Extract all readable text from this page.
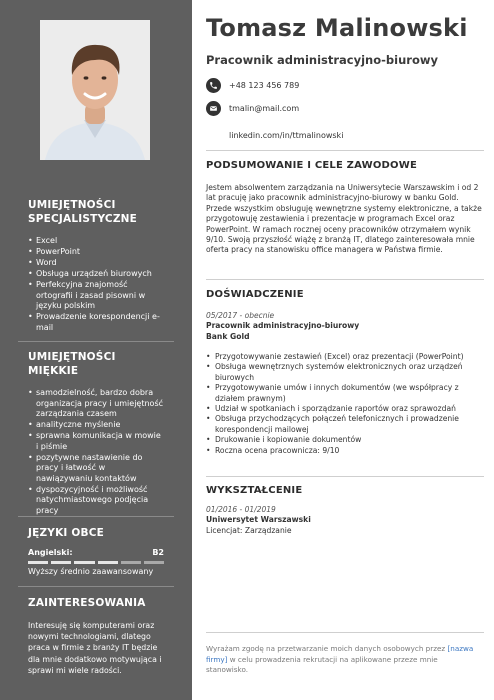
UMIEJĘTNOŚCI
SPECJALISTYCZNE
• Excel
• PowerPoint
• Word
• Obsługa urządzeń biurowych
• Perfekcyjna znajomość ortografii i zasad pisowni w języku polskim
• Prowadzenie korespondencji e-mail
UMIEJĘTNOŚCI MIĘKKIE
• samodzielność, bardzo dobra organizacja pracy i umiejętność zarządzania czasem
• analityczne myślenie
• sprawna komunikacja w mowie i piśmie
• pozytywne nastawienie do pracy i łatwość w nawiązywaniu kontaktów
• dyspozycyjność i możliwość natychmiastowego podjęcia pracy
JĘZYKI OBCE
Angielski:	B2
Wyższy średnio zaawansowany
ZAINTERESOWANIA
Interesuję się komputerami oraz nowymi technologiami, dlatego praca w firmie z branży IT będzie dla mnie dodatkowo motywująca i sprawi mi wiele radości.
Tomasz Malinowski
Pracownik administracyjno-biurowy
+48 123 456 789
tmalin@mail.com
linkedin.com/in/ttmalinowski
PODSUMOWANIE I CELE ZAWODOWE
Jestem absolwentem zarządzania na Uniwersytecie Warszawskim i od 2 lat pracuję jako pracownik administracyjno-biurowy w banku Gold. Przede wszystkim obsługuję wewnętrzne systemy elektroniczne, a także przygotowuję zestawienia i prezentacje w programach Excel oraz PowerPoint. W ramach rocznej oceny pracowników otrzymałem wynik 9/10. Swoją przyszłość wiążę z branżą IT, dlatego zainteresowała mnie oferta pracy na stanowisku office managera w Państwa firmie.
DOŚWIADCZENIE
05/2017 - obecnie
Pracownik administracyjno-biurowy
Bank Gold
• Przygotowywanie zestawień (Excel) oraz prezentacji (PowerPoint)
• Obsługa wewnętrznych systemów elektronicznych oraz urządzeń biurowych
• Przygotowywanie umów i innych dokumentów (we współpracy z działem prawnym)
• Udział w spotkaniach i sporządzanie raportów oraz sprawozdań
• Obsługa przychodzących połączeń telefonicznych i prowadzenie korespondencji mailowej
• Drukowanie i kopiowanie dokumentów
• Roczna ocena pracownicza: 9/10
WYKSZTAŁCENIE
01/2016 - 01/2019
Uniwersytet Warszawski
Licencjat: Zarządzanie
Wyrażam zgodę na przetwarzanie moich danych osobowych przez [nazwa firmy] w celu prowadzenia rekrutacji na aplikowane przeze mnie stanowisko.
